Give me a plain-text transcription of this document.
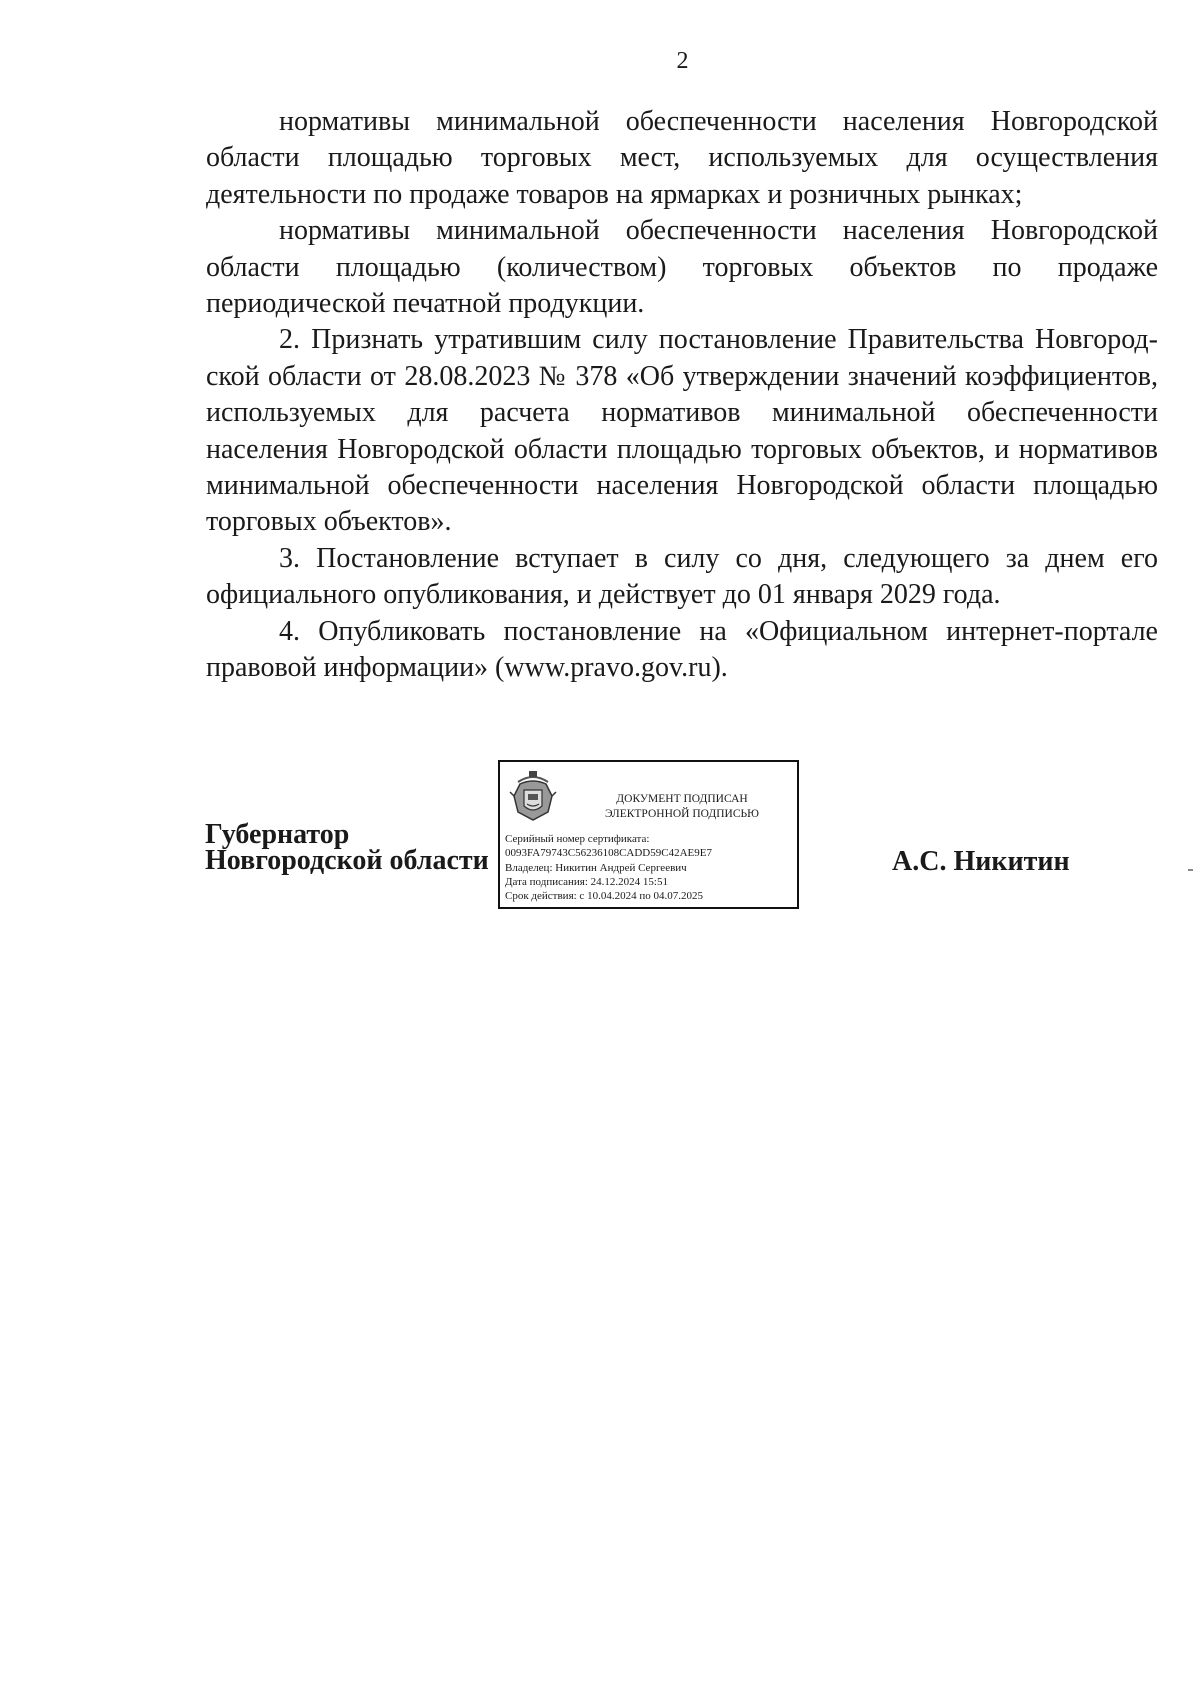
2

нормативы минимальной обеспеченности населения Новгородской области площадью торговых мест, используемых для осуществления деятельности по продаже товаров на ярмарках и розничных рынках;

нормативы минимальной обеспеченности населения Новгородской области площадью (количеством) торговых объектов по продаже периодической печатной продукции.

2. Признать утратившим силу постановление Правительства Новгородской области от 28.08.2023 № 378 «Об утверждении значений коэффициентов, используемых для расчета нормативов минимальной обеспеченности населения Новгородской области площадью торговых объектов, и нормативов минимальной обеспеченности населения Новгородской области площадью торговых объектов».

3. Постановление вступает в силу со дня, следующего за днем его официального опубликования, и действует до 01 января 2029 года.

4. Опубликовать постановление на «Официальном интернет-портале правовой информации» (www.pravo.gov.ru).

Губернатор
Новгородской области
ДОКУМЕНТ ПОДПИСАН
ЭЛЕКТРОННОЙ ПОДПИСЬЮ
Серийный номер сертификата:
0093FA79743C56236108CADD59C42AE9E7
Владелец: Никитин Андрей Сергеевич
Дата подписания: 24.12.2024 15:51
Срок действия: с 10.04.2024 по 04.07.2025
А.С. Никитин
